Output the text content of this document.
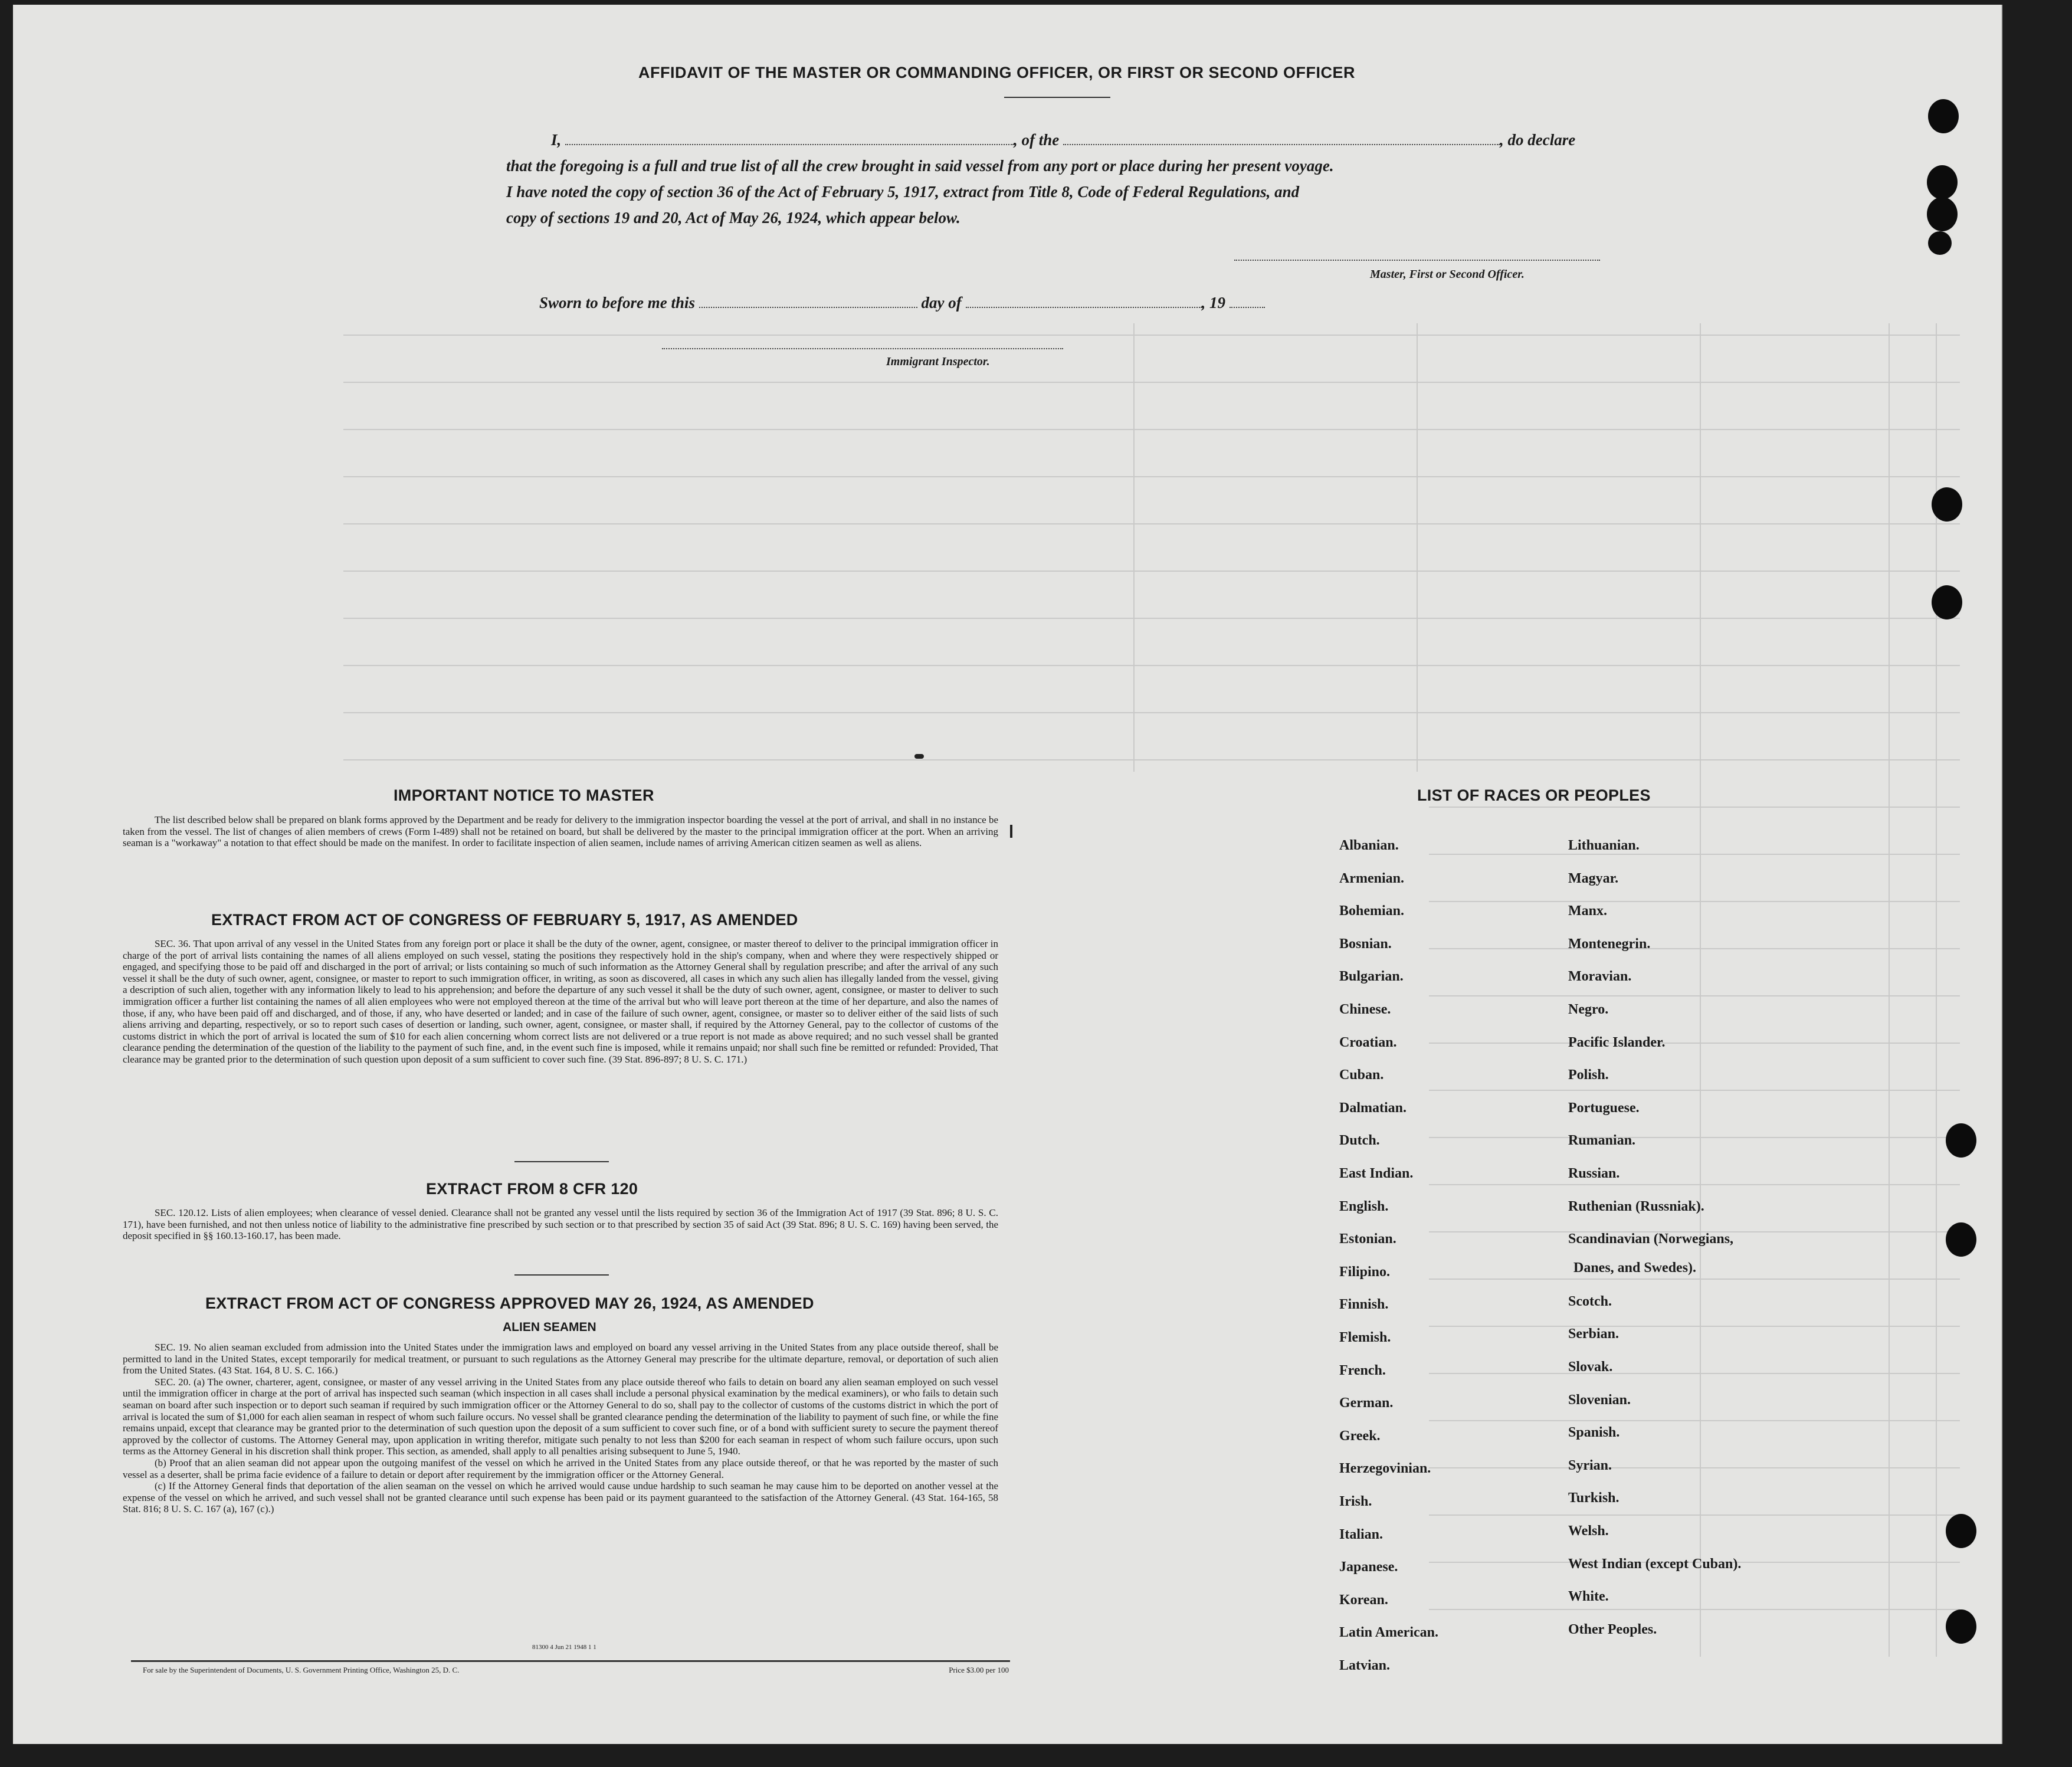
AFFIDAVIT OF THE MASTER OR COMMANDING OFFICER, OR FIRST OR SECOND OFFICER
I,	, of the	, do declare
that the foregoing is a full and true list of all the crew brought in said vessel from any port or place during her present voyage.
I have noted the copy of section 36 of the Act of February 5, 1917, extract from Title 8, Code of Federal Regulations, and
copy of sections 19 and 20, Act of May 26, 1924, which appear below.
Master, First or Second Officer.
Sworn to before me this	day of	, 19
Immigrant Inspector.
IMPORTANT NOTICE TO MASTER
The list described below shall be prepared on blank forms approved by the Department and be ready for delivery to the immigration inspector boarding the vessel at the port of arrival, and shall in no instance be taken from the vessel. The list of changes of alien members of crews (Form I-489) shall not be retained on board, but shall be delivered by the master to the principal immigration officer at the port. When an arriving seaman is a "workaway" a notation to that effect should be made on the manifest. In order to facilitate inspection of alien seamen, include names of arriving American citizen seamen as well as aliens.
EXTRACT FROM ACT OF CONGRESS OF FEBRUARY 5, 1917, AS AMENDED
SEC. 36. That upon arrival of any vessel in the United States from any foreign port or place it shall be the duty of the owner, agent, consignee, or master thereof to deliver to the principal immigration officer in charge of the port of arrival lists containing the names of all aliens employed on such vessel, stating the positions they respectively hold in the ship's company, when and where they were respectively shipped or engaged, and specifying those to be paid off and discharged in the port of arrival; or lists containing so much of such information as the Attorney General shall by regulation prescribe; and after the arrival of any such vessel it shall be the duty of such owner, agent, consignee, or master to report to such immigration officer, in writing, as soon as discovered, all cases in which any such alien has illegally landed from the vessel, giving a description of such alien, together with any information likely to lead to his apprehension; and before the departure of any such vessel it shall be the duty of such owner, agent, consignee, or master to deliver to such immigration officer a further list containing the names of all alien employees who were not employed thereon at the time of the arrival but who will leave port thereon at the time of her departure, and also the names of those, if any, who have been paid off and discharged, and of those, if any, who have deserted or landed; and in case of the failure of such owner, agent, consignee, or master so to deliver either of the said lists of such aliens arriving and departing, respectively, or so to report such cases of desertion or landing, such owner, agent, consignee, or master shall, if required by the Attorney General, pay to the collector of customs of the customs district in which the port of arrival is located the sum of $10 for each alien concerning whom correct lists are not delivered or a true report is not made as above required; and no such vessel shall be granted clearance pending the determination of the question of the liability to the payment of such fine, and, in the event such fine is imposed, while it remains unpaid; nor shall such fine be remitted or refunded: Provided, That clearance may be granted prior to the determination of such question upon deposit of a sum sufficient to cover such fine. (39 Stat. 896-897; 8 U. S. C. 171.)
EXTRACT FROM 8 CFR 120
SEC. 120.12. Lists of alien employees; when clearance of vessel denied. Clearance shall not be granted any vessel until the lists required by section 36 of the Immigration Act of 1917 (39 Stat. 896; 8 U. S. C. 171), have been furnished, and not then unless notice of liability to the administrative fine prescribed by such section or to that prescribed by section 35 of said Act (39 Stat. 896; 8 U. S. C. 169) having been served, the deposit specified in §§ 160.13-160.17, has been made.
EXTRACT FROM ACT OF CONGRESS APPROVED MAY 26, 1924, AS AMENDED
ALIEN SEAMEN
SEC. 19. No alien seaman excluded from admission into the United States under the immigration laws and employed on board any vessel arriving in the United States from any place outside thereof, shall be permitted to land in the United States, except temporarily for medical treatment, or pursuant to such regulations as the Attorney General may prescribe for the ultimate departure, removal, or deportation of such alien from the United States. (43 Stat. 164, 8 U. S. C. 166.)
SEC. 20. (a) The owner, charterer, agent, consignee, or master of any vessel arriving in the United States from any place outside thereof who fails to detain on board any alien seaman employed on such vessel until the immigration officer in charge at the port of arrival has inspected such seaman (which inspection in all cases shall include a personal physical examination by the medical examiners), or who fails to detain such seaman on board after such inspection or to deport such seaman if required by such immigration officer or the Attorney General to do so, shall pay to the collector of customs of the customs district in which the port of arrival is located the sum of $1,000 for each alien seaman in respect of whom such failure occurs. No vessel shall be granted clearance pending the determination of the liability to payment of such fine, or while the fine remains unpaid, except that clearance may be granted prior to the determination of such question upon the deposit of a sum sufficient to cover such fine, or of a bond with sufficient surety to secure the payment thereof approved by the collector of customs. The Attorney General may, upon application in writing therefor, mitigate such penalty to not less than $200 for each seaman in respect of whom such failure occurs, upon such terms as the Attorney General in his discretion shall think proper. This section, as amended, shall apply to all penalties arising subsequent to June 5, 1940.
(b) Proof that an alien seaman did not appear upon the outgoing manifest of the vessel on which he arrived in the United States from any place outside thereof, or that he was reported by the master of such vessel as a deserter, shall be prima facie evidence of a failure to detain or deport after requirement by the immigration officer or the Attorney General.
(c) If the Attorney General finds that deportation of the alien seaman on the vessel on which he arrived would cause undue hardship to such seaman he may cause him to be deported on another vessel at the expense of the vessel on which he arrived, and such vessel shall not be granted clearance until such expense has been paid or its payment guaranteed to the satisfaction of the Attorney General. (43 Stat. 164-165, 58 Stat. 816; 8 U. S. C. 167 (a), 167 (c).)
81300 4 Jun 21 1948 1 1
For sale by the Superintendent of Documents, U. S. Government Printing Office, Washington 25, D. C.	Price $3.00 per 100
LIST OF RACES OR PEOPLES
Albanian.
Armenian.
Bohemian.
Bosnian.
Bulgarian.
Chinese.
Croatian.
Cuban.
Dalmatian.
Dutch.
East Indian.
English.
Estonian.
Filipino.
Finnish.
Flemish.
French.
German.
Greek.
Herzegovinian.
Irish.
Italian.
Japanese.
Korean.
Latin American.
Latvian.
Lithuanian.
Magyar.
Manx.
Montenegrin.
Moravian.
Negro.
Pacific Islander.
Polish.
Portuguese.
Rumanian.
Russian.
Ruthenian (Russniak).
Scandinavian (Norwegians,
Scotch.
Serbian.
Slovak.
Slovenian.
Spanish.
Syrian.
Turkish.
Welsh.
West Indian (except Cuban).
White.
Other Peoples.
Danes, and Swedes).
